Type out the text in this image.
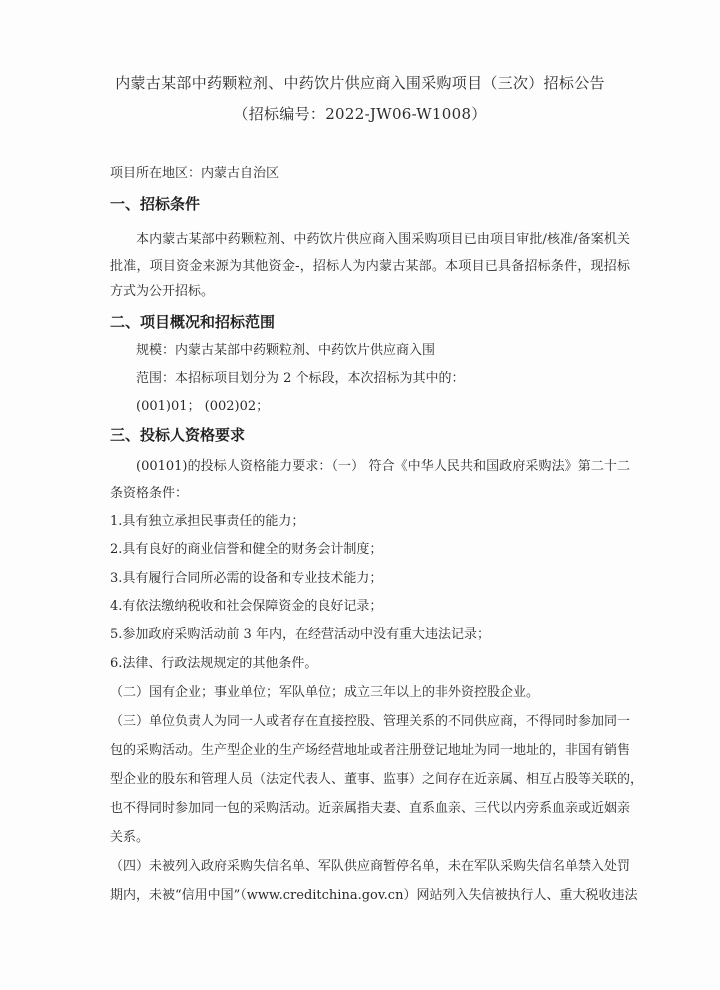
内蒙古某部中药颗粒剂、中药饮片供应商入围采购项目（三次）招标公告
（招标编号：2022-JW06-W1008）
项目所在地区：内蒙古自治区
一、招标条件
本内蒙古某部中药颗粒剂、中药饮片供应商入围采购项目已由项目审批/核准/备案机关
批准，项目资金来源为其他资金-，招标人为内蒙古某部。本项目已具备招标条件，现招标
方式为公开招标。
二、项目概况和招标范围
规模：内蒙古某部中药颗粒剂、中药饮片供应商入围
范围：本招标项目划分为 2 个标段，本次招标为其中的：
(001)01； (002)02；
三、投标人资格要求
(00101)的投标人资格能力要求：（一） 符合《中华人民共和国政府采购法》第二十二
条资格条件：
1.具有独立承担民事责任的能力；
2.具有良好的商业信誉和健全的财务会计制度；
3.具有履行合同所必需的设备和专业技术能力；
4.有依法缴纳税收和社会保障资金的良好记录；
5.参加政府采购活动前 3 年内，在经营活动中没有重大违法记录；
6.法律、行政法规规定的其他条件。
（二）国有企业；事业单位；军队单位；成立三年以上的非外资控股企业。
（三）单位负责人为同一人或者存在直接控股、管理关系的不同供应商，不得同时参加同一
包的采购活动。生产型企业的生产场经营地址或者注册登记地址为同一地址的，非国有销售
型企业的股东和管理人员（法定代表人、董事、监事）之间存在近亲属、相互占股等关联的，
也不得同时参加同一包的采购活动。近亲属指夫妻、直系血亲、三代以内旁系血亲或近姻亲
关系。
（四）未被列入政府采购失信名单、军队供应商暂停名单，未在军队采购失信名单禁入处罚
期内，未被“信用中国”（www.creditchina.gov.cn）网站列入失信被执行人、重大税收违法
